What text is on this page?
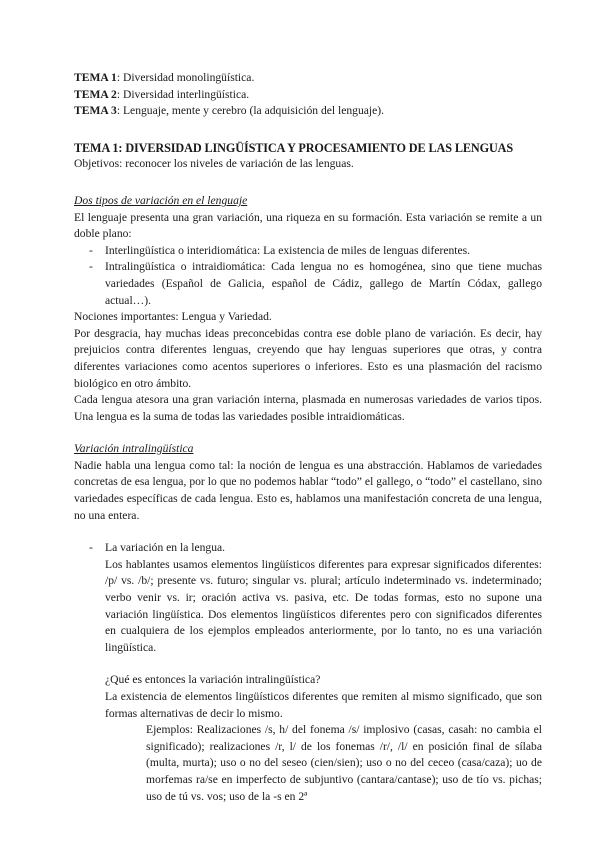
TEMA 1: Diversidad monolingüística.

TEMA 2: Diversidad interlingüística.

TEMA 3: Lenguaje, mente y cerebro (la adquisición del lenguaje).

TEMA 1: DIVERSIDAD LINGÜÍSTICA Y PROCESAMIENTO DE LAS LENGUAS

Objetivos: reconocer los niveles de variación de las lenguas.

Dos tipos de variación en el lenguaje

El lenguaje presenta una gran variación, una riqueza en su formación. Esta variación se remite a un doble plano:

- Interlingüística o interidiomática: La existencia de miles de lenguas diferentes.
- Intralingüística o intraidiomática: Cada lengua no es homogénea, sino que tiene muchas variedades (Español de Galicia, español de Cádiz, gallego de Martín Códax, gallego actual…).

Nociones importantes: Lengua y Variedad.

Por desgracia, hay muchas ideas preconcebidas contra ese doble plano de variación. Es decir, hay prejuicios contra diferentes lenguas, creyendo que hay lenguas superiores que otras, y contra diferentes variaciones como acentos superiores o inferiores. Esto es una plasmación del racismo biológico en otro ámbito.

Cada lengua atesora una gran variación interna, plasmada en numerosas variedades de varios tipos. Una lengua es la suma de todas las variedades posible intraidiomáticas.

Variación intralingüística

Nadie habla una lengua como tal: la noción de lengua es una abstracción. Hablamos de variedades concretas de esa lengua, por lo que no podemos hablar “todo” el gallego, o “todo” el castellano, sino variedades específicas de cada lengua. Esto es, hablamos una manifestación concreta de una lengua, no una entera.

- La variación en la lengua.

Los hablantes usamos elementos lingüísticos diferentes para expresar significados diferentes: /p/ vs. /b/; presente vs. futuro; singular vs. plural; artículo indeterminado vs. indeterminado; verbo venir vs. ir; oración activa vs. pasiva, etc. De todas formas, esto no supone una variación lingüística. Dos elementos lingüísticos diferentes pero con significados diferentes en cualquiera de los ejemplos empleados anteriormente, por lo tanto, no es una variación lingüística.

¿Qué es entonces la variación intralingüística?

La existencia de elementos lingüísticos diferentes que remiten al mismo significado, que son formas alternativas de decir lo mismo.

Ejemplos: Realizaciones /s, h/ del fonema /s/ implosivo (casas, casah: no cambia el significado); realizaciones /r, l/ de los fonemas /r/, /l/ en posición final de sílaba (multa, murta); uso o no del seseo (cien/sien); uso o no del ceceo (casa/caza); uo de morfemas ra/se en imperfecto de subjuntivo (cantara/cantase); uso de tío vs. pichas; uso de tú vs. vos; uso de la -s en 2ª
